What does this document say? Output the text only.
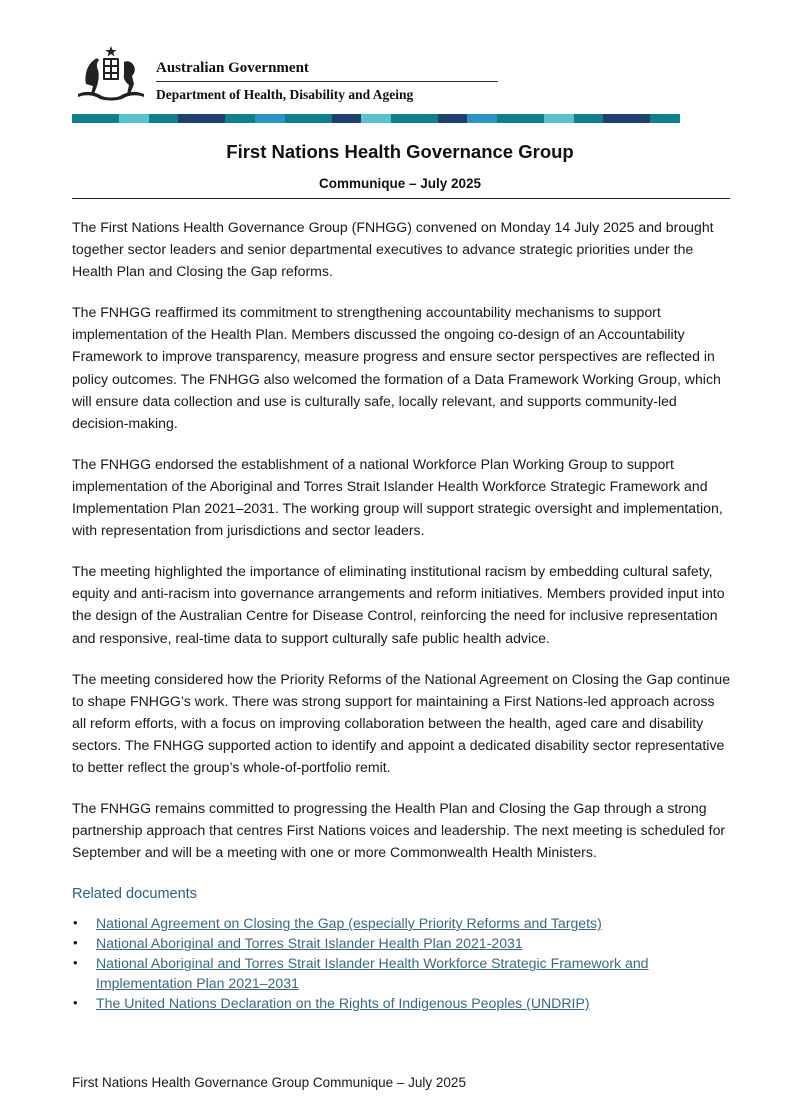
Australian Government
Department of Health, Disability and Ageing
First Nations Health Governance Group
Communique – July 2025

The First Nations Health Governance Group (FNHGG) convened on Monday 14 July 2025 and brought together sector leaders and senior departmental executives to advance strategic priorities under the Health Plan and Closing the Gap reforms.

The FNHGG reaffirmed its commitment to strengthening accountability mechanisms to support implementation of the Health Plan. Members discussed the ongoing co-design of an Accountability Framework to improve transparency, measure progress and ensure sector perspectives are reflected in policy outcomes. The FNHGG also welcomed the formation of a Data Framework Working Group, which will ensure data collection and use is culturally safe, locally relevant, and supports community-led decision-making.

The FNHGG endorsed the establishment of a national Workforce Plan Working Group to support implementation of the Aboriginal and Torres Strait Islander Health Workforce Strategic Framework and Implementation Plan 2021–2031. The working group will support strategic oversight and implementation, with representation from jurisdictions and sector leaders.

The meeting highlighted the importance of eliminating institutional racism by embedding cultural safety, equity and anti-racism into governance arrangements and reform initiatives. Members provided input into the design of the Australian Centre for Disease Control, reinforcing the need for inclusive representation and responsive, real-time data to support culturally safe public health advice.

The meeting considered how the Priority Reforms of the National Agreement on Closing the Gap continue to shape FNHGG’s work. There was strong support for maintaining a First Nations-led approach across all reform efforts, with a focus on improving collaboration between the health, aged care and disability sectors. The FNHGG supported action to identify and appoint a dedicated disability sector representative to better reflect the group’s whole-of-portfolio remit.

The FNHGG remains committed to progressing the Health Plan and Closing the Gap through a strong partnership approach that centres First Nations voices and leadership. The next meeting is scheduled for September and will be a meeting with one or more Commonwealth Health Ministers.

Related documents
• National Agreement on Closing the Gap (especially Priority Reforms and Targets)
• National Aboriginal and Torres Strait Islander Health Plan 2021-2031
• National Aboriginal and Torres Strait Islander Health Workforce Strategic Framework and Implementation Plan 2021–2031
• The United Nations Declaration on the Rights of Indigenous Peoples (UNDRIP)
First Nations Health Governance Group Communique – July 2025
